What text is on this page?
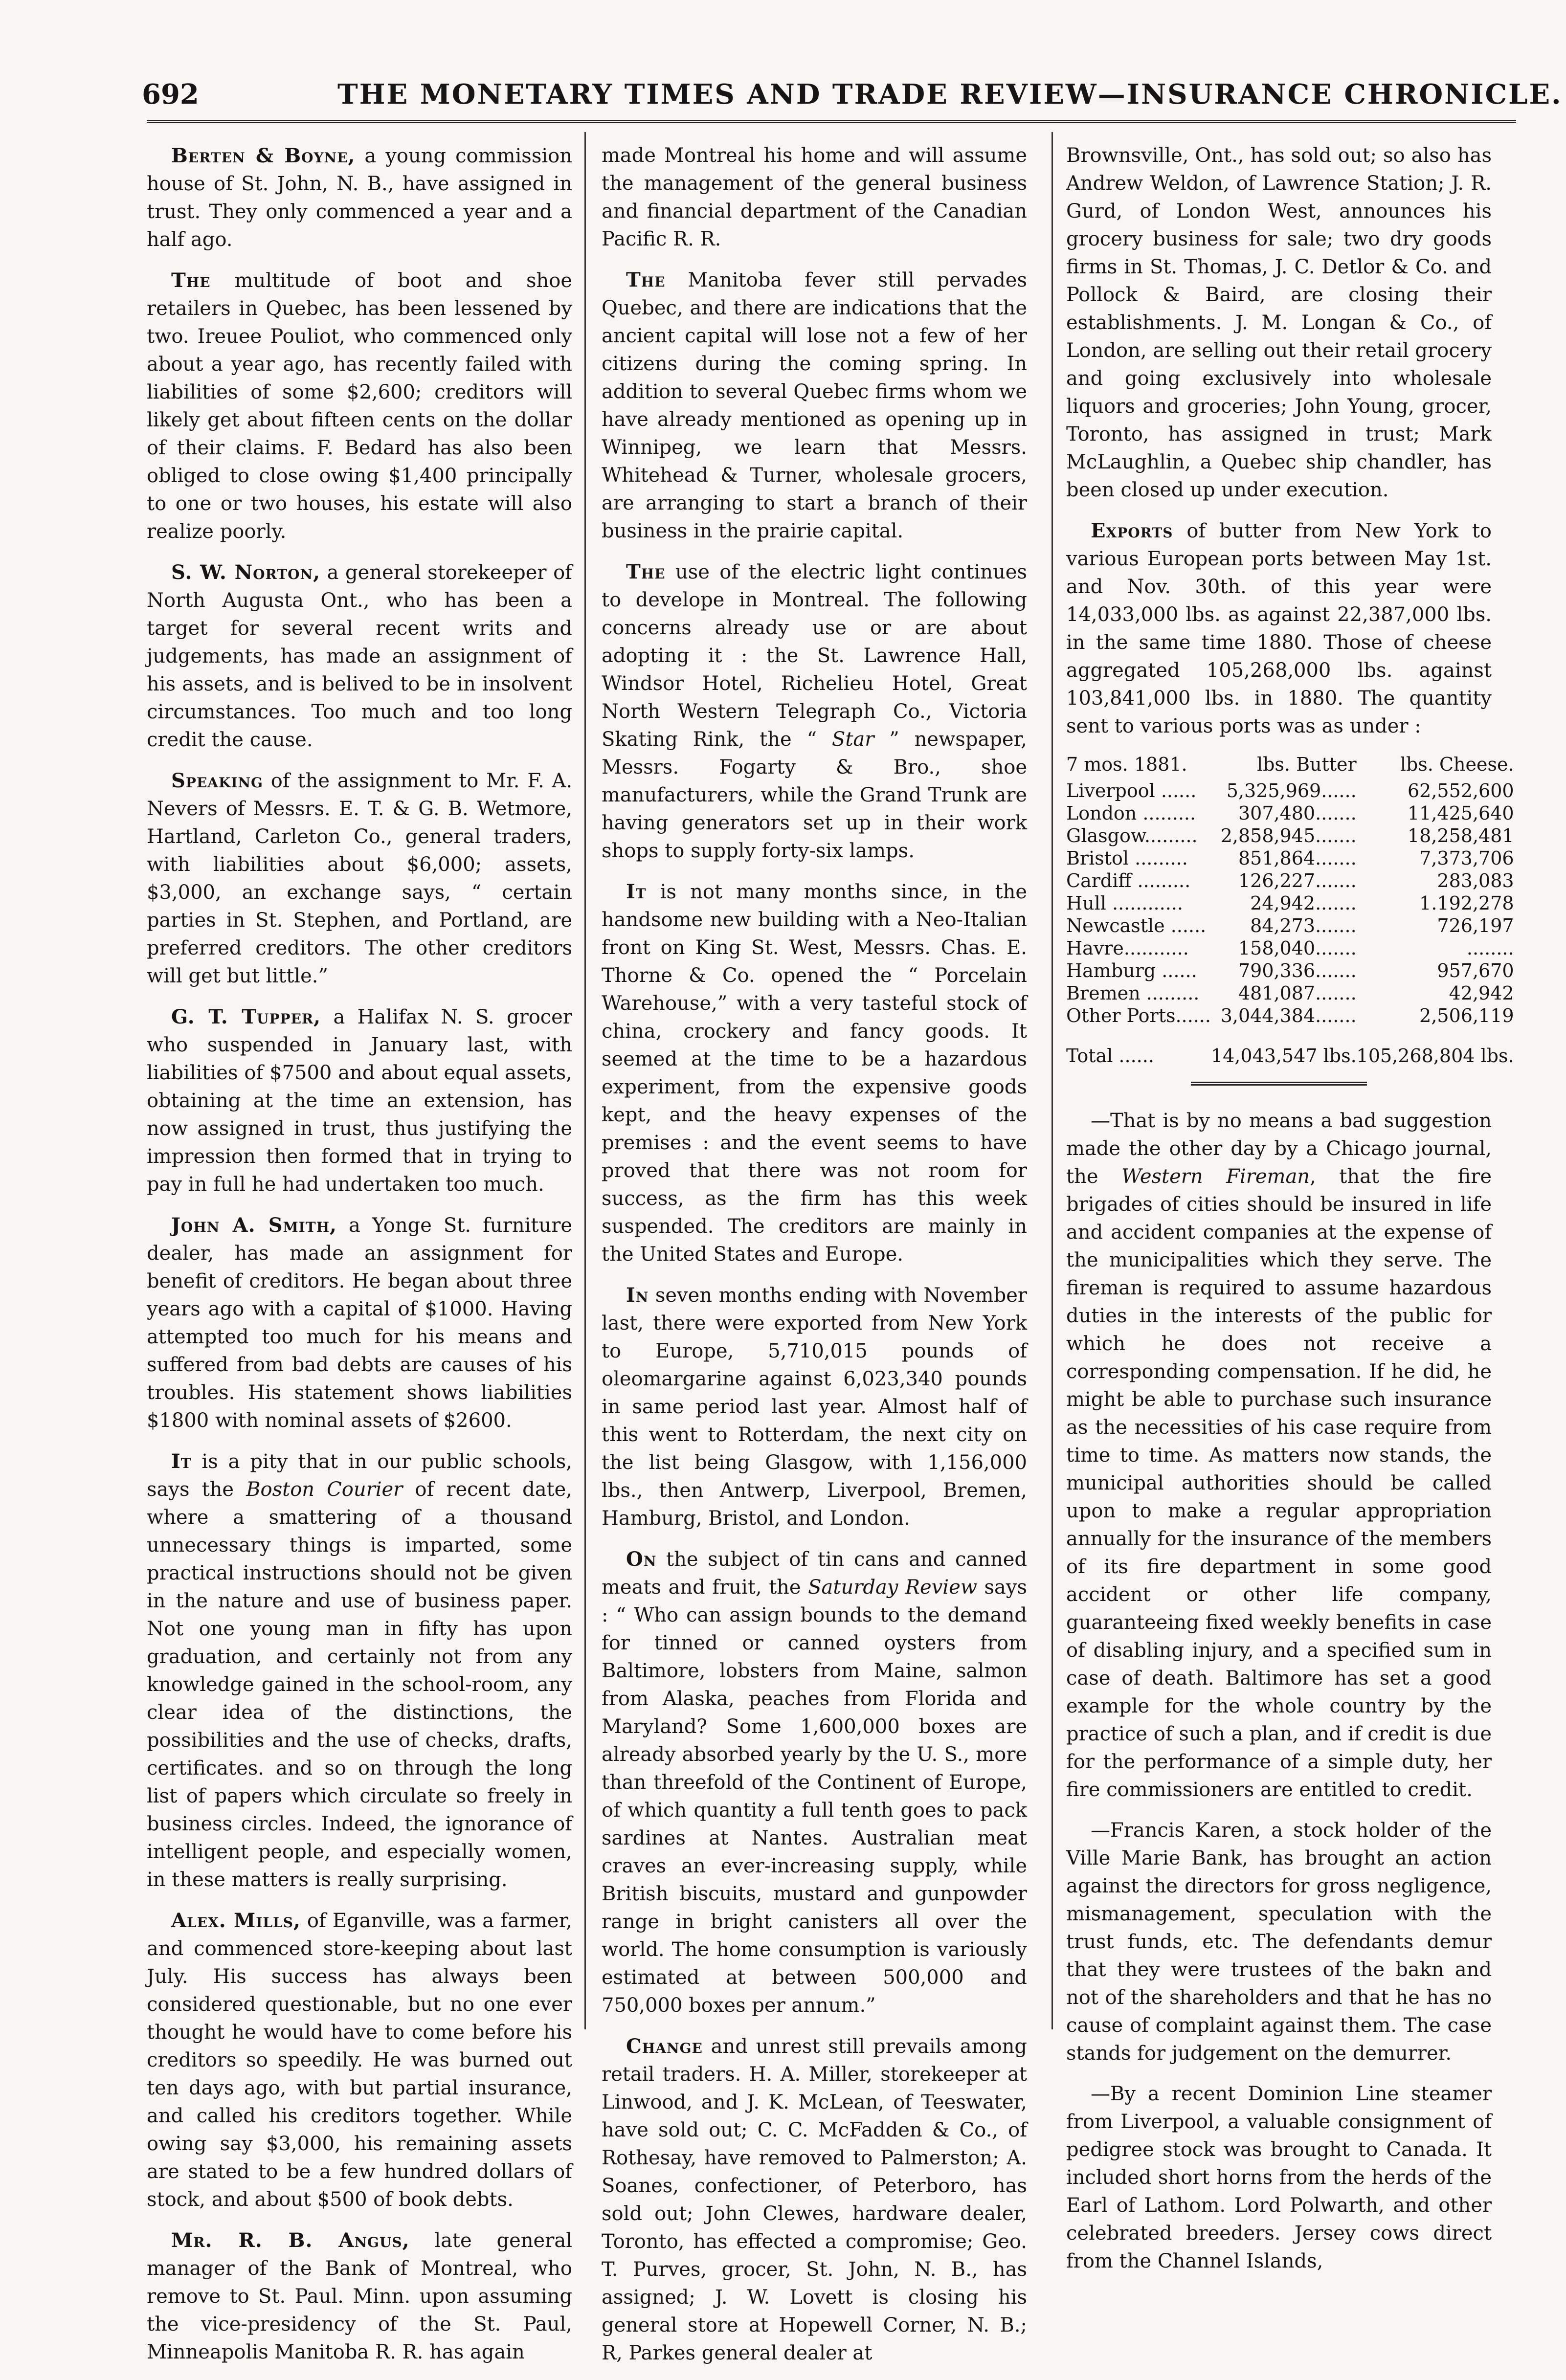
692	THE MONETARY TIMES AND TRADE REVIEW—INSURANCE CHRONICLE.

Berten & Boyne, a young commission house of St. John, N. B., have assigned in trust. They only commenced a year and a half ago.

The multitude of boot and shoe retailers in Quebec, has been lessened by two. Ireuee Pouliot, who commenced only about a year ago, has recently failed with liabilities of some $2,600; creditors will likely get about fifteen cents on the dollar of their claims. F. Bedard has also been obliged to close owing $1,400 principally to one or two houses, his estate will also realize poorly.

S. W. Norton, a general storekeeper of North Augusta Ont., who has been a target for several recent writs and judgements, has made an assignment of his assets, and is belived to be in insolvent circumstances. Too much and too long credit the cause.

Speaking of the assignment to Mr. F. A. Nevers of Messrs. E. T. & G. B. Wetmore, Hartland, Carleton Co., general traders, with liabilities about $6,000; assets, $3,000, an exchange says, “ certain parties in St. Stephen, and Portland, are preferred creditors. The other creditors will get but little.”

G. T. Tupper, a Halifax N. S. grocer who suspended in January last, with liabilities of $7500 and about equal assets, obtaining at the time an extension, has now assigned in trust, thus justifying the impression then formed that in trying to pay in full he had undertaken too much.

John A. Smith, a Yonge St. furniture dealer, has made an assignment for benefit of creditors. He began about three years ago with a capital of $1000. Having attempted too much for his means and suffered from bad debts are causes of his troubles. His statement shows liabilities $1800 with nominal assets of $2600.

It is a pity that in our public schools, says the Boston Courier of recent date, where a smattering of a thousand unnecessary things is imparted, some practical instructions should not be given in the nature and use of business paper. Not one young man in fifty has upon graduation, and certainly not from any knowledge gained in the school-room, any clear idea of the distinctions, the possibilities and the use of checks, drafts, certificates. and so on through the long list of papers which circulate so freely in business circles. Indeed, the ignorance of intelligent people, and especially women, in these matters is really surprising.

Alex. Mills, of Eganville, was a farmer, and commenced store-keeping about last July. His success has always been considered questionable, but no one ever thought he would have to come before his creditors so speedily. He was burned out ten days ago, with but partial insurance, and called his creditors together. While owing say $3,000, his remaining assets are stated to be a few hundred dollars of stock, and about $500 of book debts.

Mr. R. B. Angus, late general manager of the Bank of Montreal, who remove to St. Paul. Minn. upon assuming the vice-presidency of the St. Paul, Minneapolis Manitoba R. R. has again

made Montreal his home and will assume the management of the general business and financial department of the Canadian Pacific R. R.

The Manitoba fever still pervades Quebec, and there are indications that the ancient capital will lose not a few of her citizens during the coming spring. In addition to several Quebec firms whom we have already mentioned as opening up in Winnipeg, we learn that Messrs. Whitehead & Turner, wholesale grocers, are arranging to start a branch of their business in the prairie capital.

The use of the electric light continues to develope in Montreal. The following concerns already use or are about adopting it : the St. Lawrence Hall, Windsor Hotel, Richelieu Hotel, Great North Western Telegraph Co., Victoria Skating Rink, the “ Star ” newspaper, Messrs. Fogarty & Bro., shoe manufacturers, while the Grand Trunk are having generators set up in their work shops to supply forty-six lamps.

It is not many months since, in the handsome new building with a Neo-Italian front on King St. West, Messrs. Chas. E. Thorne & Co. opened the “ Porcelain Warehouse,” with a very tasteful stock of china, crockery and fancy goods. It seemed at the time to be a hazardous experiment, from the expensive goods kept, and the heavy expenses of the premises : and the event seems to have proved that there was not room for success, as the firm has this week suspended. The creditors are mainly in the United States and Europe.

In seven months ending with November last, there were exported from New York to Europe, 5,710,015 pounds of oleomargarine against 6,023,340 pounds in same period last year. Almost half of this went to Rotterdam, the next city on the list being Glasgow, with 1,156,000 lbs., then Antwerp, Liverpool, Bremen, Hamburg, Bristol, and London.

On the subject of tin cans and canned meats and fruit, the Saturday Review says : “ Who can assign bounds to the demand for tinned or canned oysters from Baltimore, lobsters from Maine, salmon from Alaska, peaches from Florida and Maryland? Some 1,600,000 boxes are already absorbed yearly by the U. S., more than threefold of the Continent of Europe, of which quantity a full tenth goes to pack sardines at Nantes. Australian meat craves an ever-increasing supply, while British biscuits, mustard and gunpowder range in bright canisters all over the world. The home consumption is variously estimated at between 500,000 and 750,000 boxes per annum.”

Change and unrest still prevails among retail traders. H. A. Miller, storekeeper at Linwood, and J. K. McLean, of Teeswater, have sold out; C. C. McFadden & Co., of Rothesay, have removed to Palmerston; A. Soanes, confectioner, of Peterboro, has sold out; John Clewes, hardware dealer, Toronto, has effected a compromise; Geo. T. Purves, grocer, St. John, N. B., has assigned; J. W. Lovett is closing his general store at Hopewell Corner, N. B.; R, Parkes general dealer at

Brownsville, Ont., has sold out; so also has Andrew Weldon, of Lawrence Station; J. R. Gurd, of London West, announces his grocery business for sale; two dry goods firms in St. Thomas, J. C. Detlor & Co. and Pollock & Baird, are closing their establishments. J. M. Longan & Co., of London, are selling out their retail grocery and going exclusively into wholesale liquors and groceries; John Young, grocer, Toronto, has assigned in trust; Mark McLaughlin, a Quebec ship chandler, has been closed up under execution.

Exports of butter from New York to various European ports between May 1st. and Nov. 30th. of this year were 14,033,000 lbs. as against 22,387,000 lbs. in the same time 1880. Those of cheese aggregated 105,268,000 lbs. against 103,841,000 lbs. in 1880. The quantity sent to various ports was as under :

7 mos. 1881.	lbs. Butter	lbs. Cheese.
Liverpool ......	5,325,969......	62,552,600
London .........	307,480.......	11,425,640
Glasgow.........	2,858,945.......	18,258,481
Bristol .........	851,864.......	7,373,706
Cardiff .........	126,227.......	283,083
Hull ............	24,942.......	1.192,278
Newcastle ......	84,273.......	726,197
Havre...........	158,040.......	........
Hamburg ......	790,336.......	957,670
Bremen .........	481,087.......	42,942
Other Ports......	3,044,384.......	2,506,119
Total ......	14,043,547 lbs.	105,268,804 lbs.

—That is by no means a bad suggestion made the other day by a Chicago journal, the Western Fireman, that the fire brigades of cities should be insured in life and accident companies at the expense of the municipalities which they serve. The fireman is required to assume hazardous duties in the interests of the public for which he does not receive a corresponding compensation. If he did, he might be able to purchase such insurance as the necessities of his case require from time to time. As matters now stands, the municipal authorities should be called upon to make a regular appropriation annually for the insurance of the members of its fire department in some good accident or other life company, guaranteeing fixed weekly benefits in case of disabling injury, and a specified sum in case of death. Baltimore has set a good example for the whole country by the practice of such a plan, and if credit is due for the performance of a simple duty, her fire commissioners are entitled to credit.

—Francis Karen, a stock holder of the Ville Marie Bank, has brought an action against the directors for gross negligence, mismanagement, speculation with the trust funds, etc. The defendants demur that they were trustees of the bakn and not of the shareholders and that he has no cause of complaint against them. The case stands for judgement on the demurrer.

—By a recent Dominion Line steamer from Liverpool, a valuable consignment of pedigree stock was brought to Canada. It included short horns from the herds of the Earl of Lathom. Lord Polwarth, and other celebrated breeders. Jersey cows direct from the Channel Islands,
